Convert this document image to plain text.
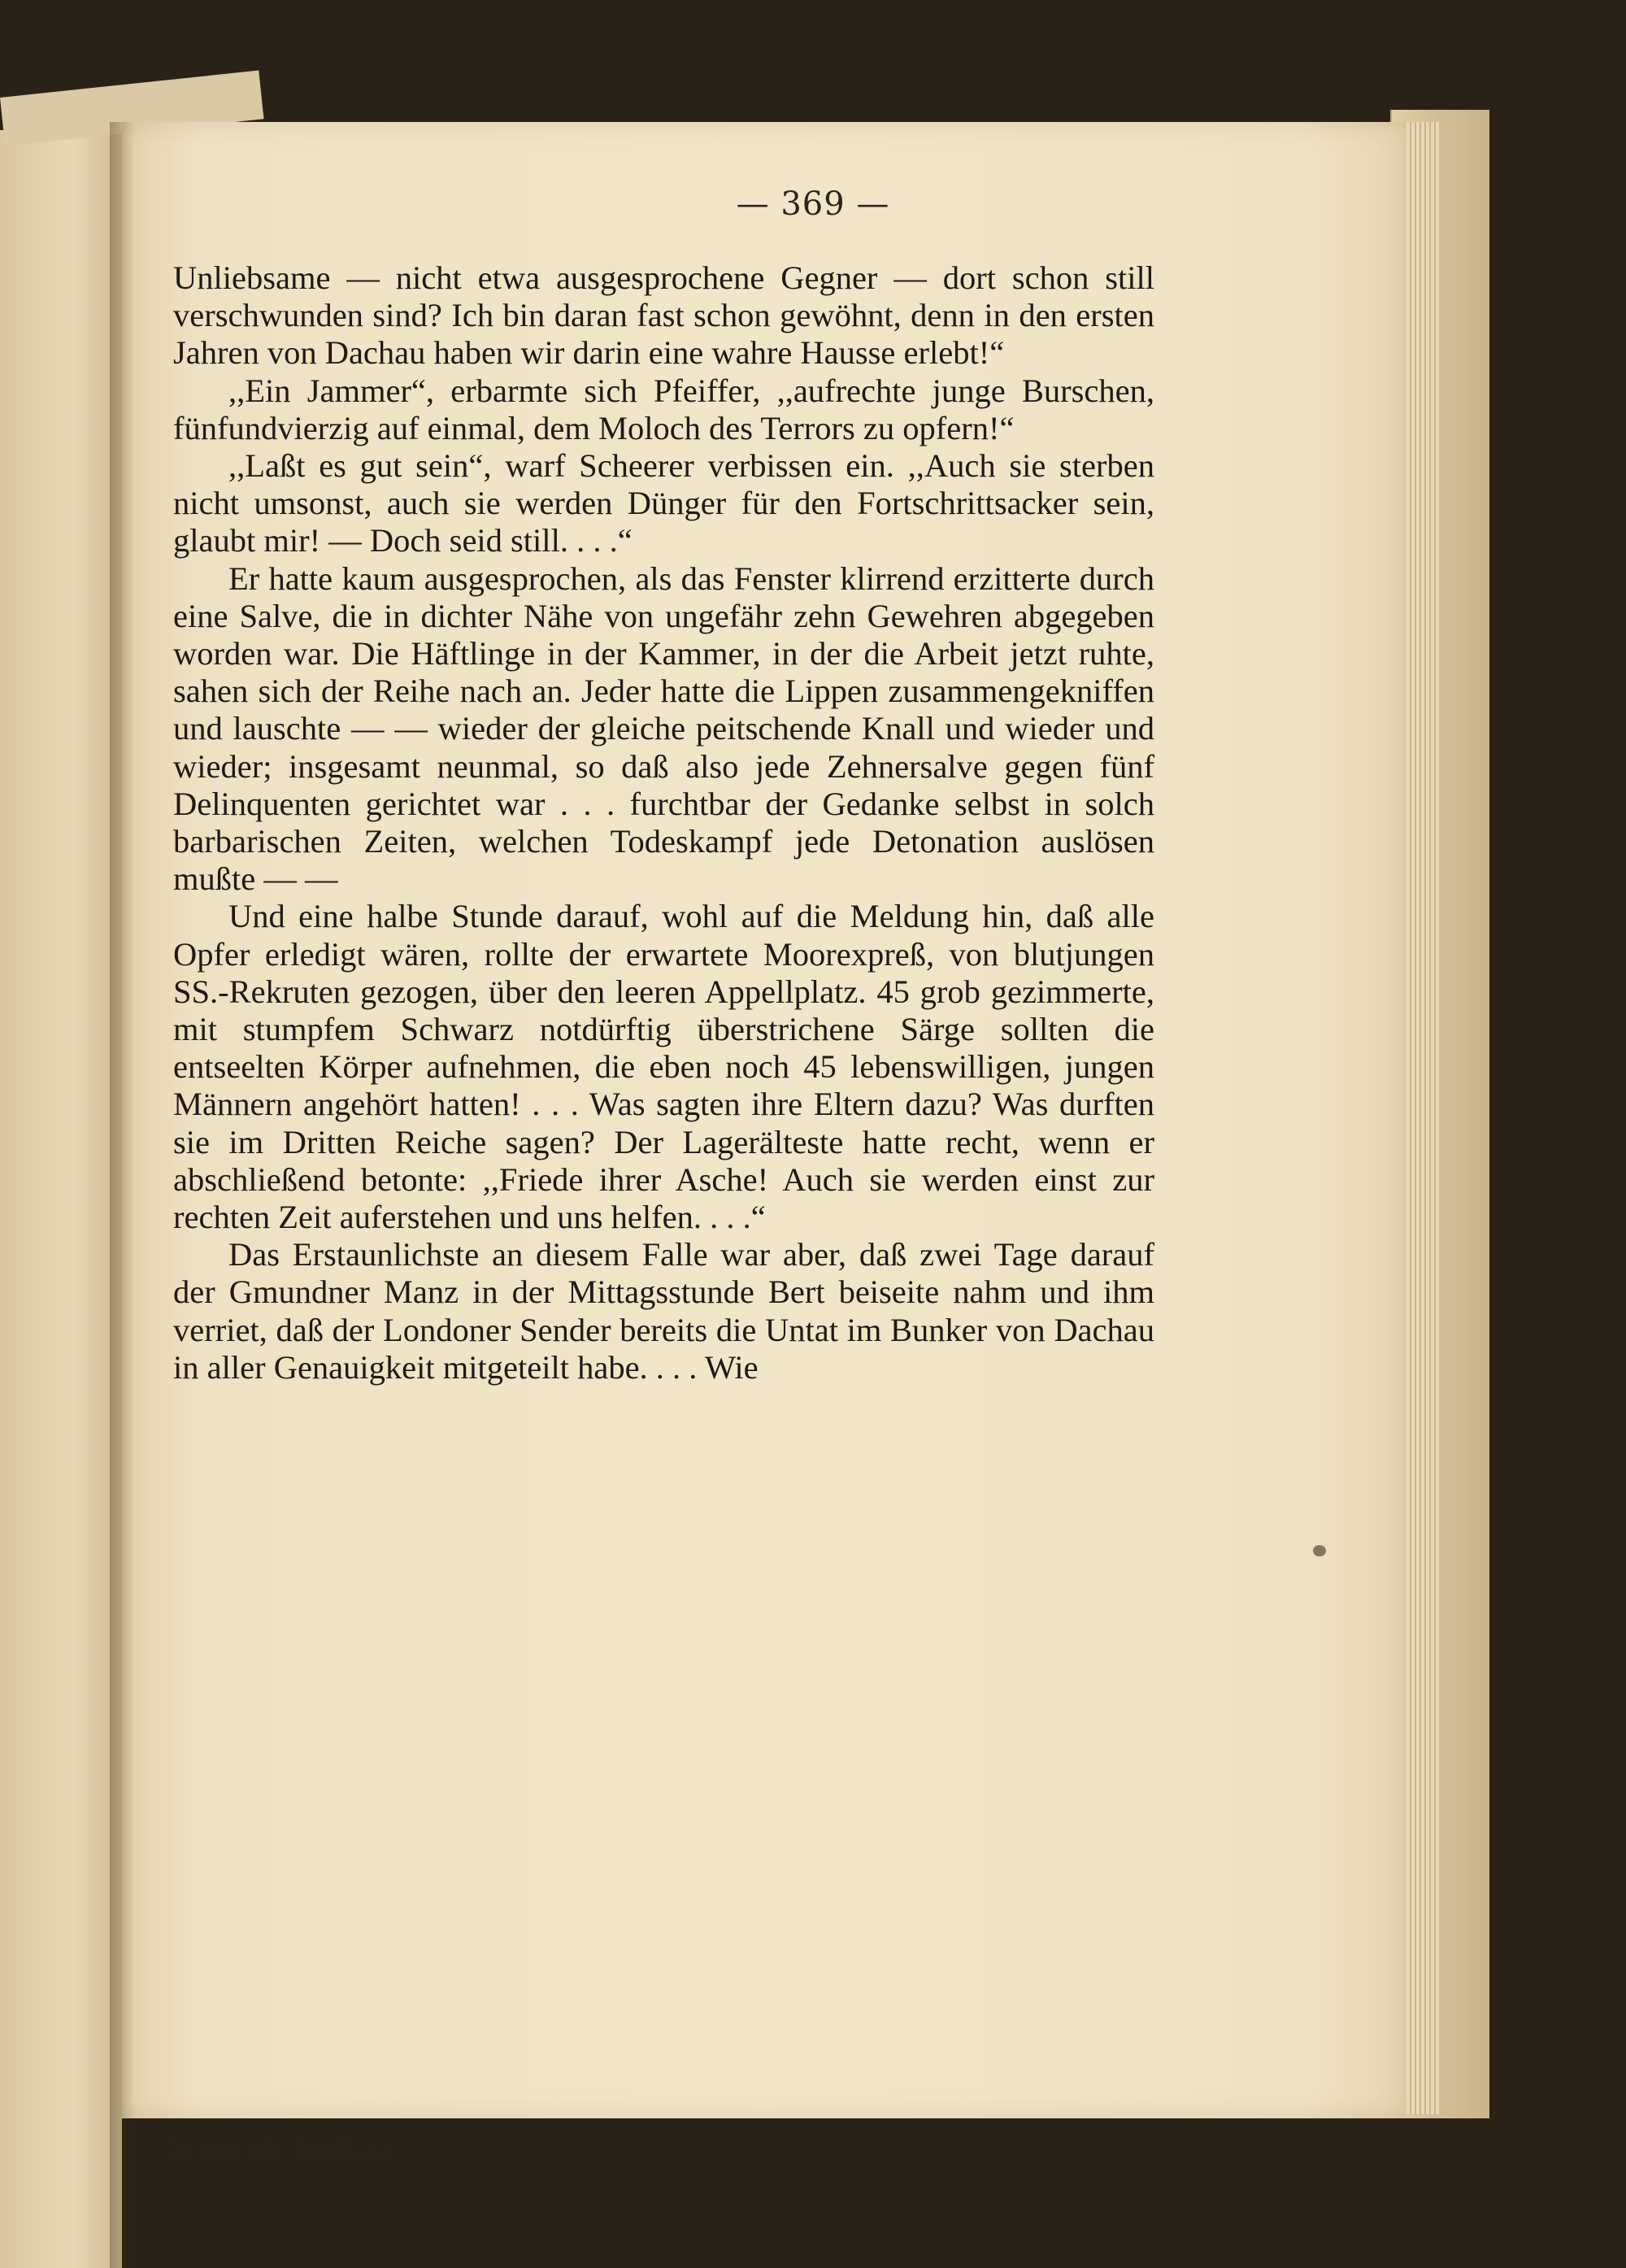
— 369 —

Unliebsame — nicht etwa ausgesprochene Gegner — dort schon still verschwunden sind? Ich bin daran fast schon gewöhnt, denn in den ersten Jahren von Dachau haben wir darin eine wahre Hausse erlebt!“

,,Ein Jammer“, erbarmte sich Pfeiffer, ,,aufrechte junge Burschen, fünfundvierzig auf einmal, dem Moloch des Terrors zu opfern!“

,,Laßt es gut sein“, warf Scheerer verbissen ein. ,,Auch sie sterben nicht umsonst, auch sie werden Dünger für den Fortschrittsacker sein, glaubt mir! — Doch seid still. . . .“

Er hatte kaum ausgesprochen, als das Fenster klirrend erzitterte durch eine Salve, die in dichter Nähe von ungefähr zehn Gewehren abgegeben worden war. Die Häftlinge in der Kammer, in der die Arbeit jetzt ruhte, sahen sich der Reihe nach an. Jeder hatte die Lippen zusammengekniffen und lauschte — — wieder der gleiche peitschende Knall und wieder und wieder; insgesamt neunmal, so daß also jede Zehnersalve gegen fünf Delinquenten gerichtet war . . . furchtbar der Gedanke selbst in solch barbarischen Zeiten, welchen Todeskampf jede Detonation auslösen mußte — —

Und eine halbe Stunde darauf, wohl auf die Meldung hin, daß alle Opfer erledigt wären, rollte der erwartete Moorexpreß, von blutjungen SS.-Rekruten gezogen, über den leeren Appellplatz. 45 grob gezimmerte, mit stumpfem Schwarz notdürftig überstrichene Särge sollten die entseelten Körper aufnehmen, die eben noch 45 lebenswilligen, jungen Männern angehört hatten! . . . Was sagten ihre Eltern dazu? Was durften sie im Dritten Reiche sagen? Der Lagerälteste hatte recht, wenn er abschließend betonte: ,,Friede ihrer Asche! Auch sie werden einst zur rechten Zeit auferstehen und uns helfen. . . .“

Das Erstaunlichste an diesem Falle war aber, daß zwei Tage darauf der Gmundner Manz in der Mittagsstunde Bert beiseite nahm und ihm verriet, daß der Londoner Sender bereits die Untat im Bunker von Dachau in aller Genauigkeit mitgeteilt habe. . . . Wie

24 Conrady, Amokläufer.
